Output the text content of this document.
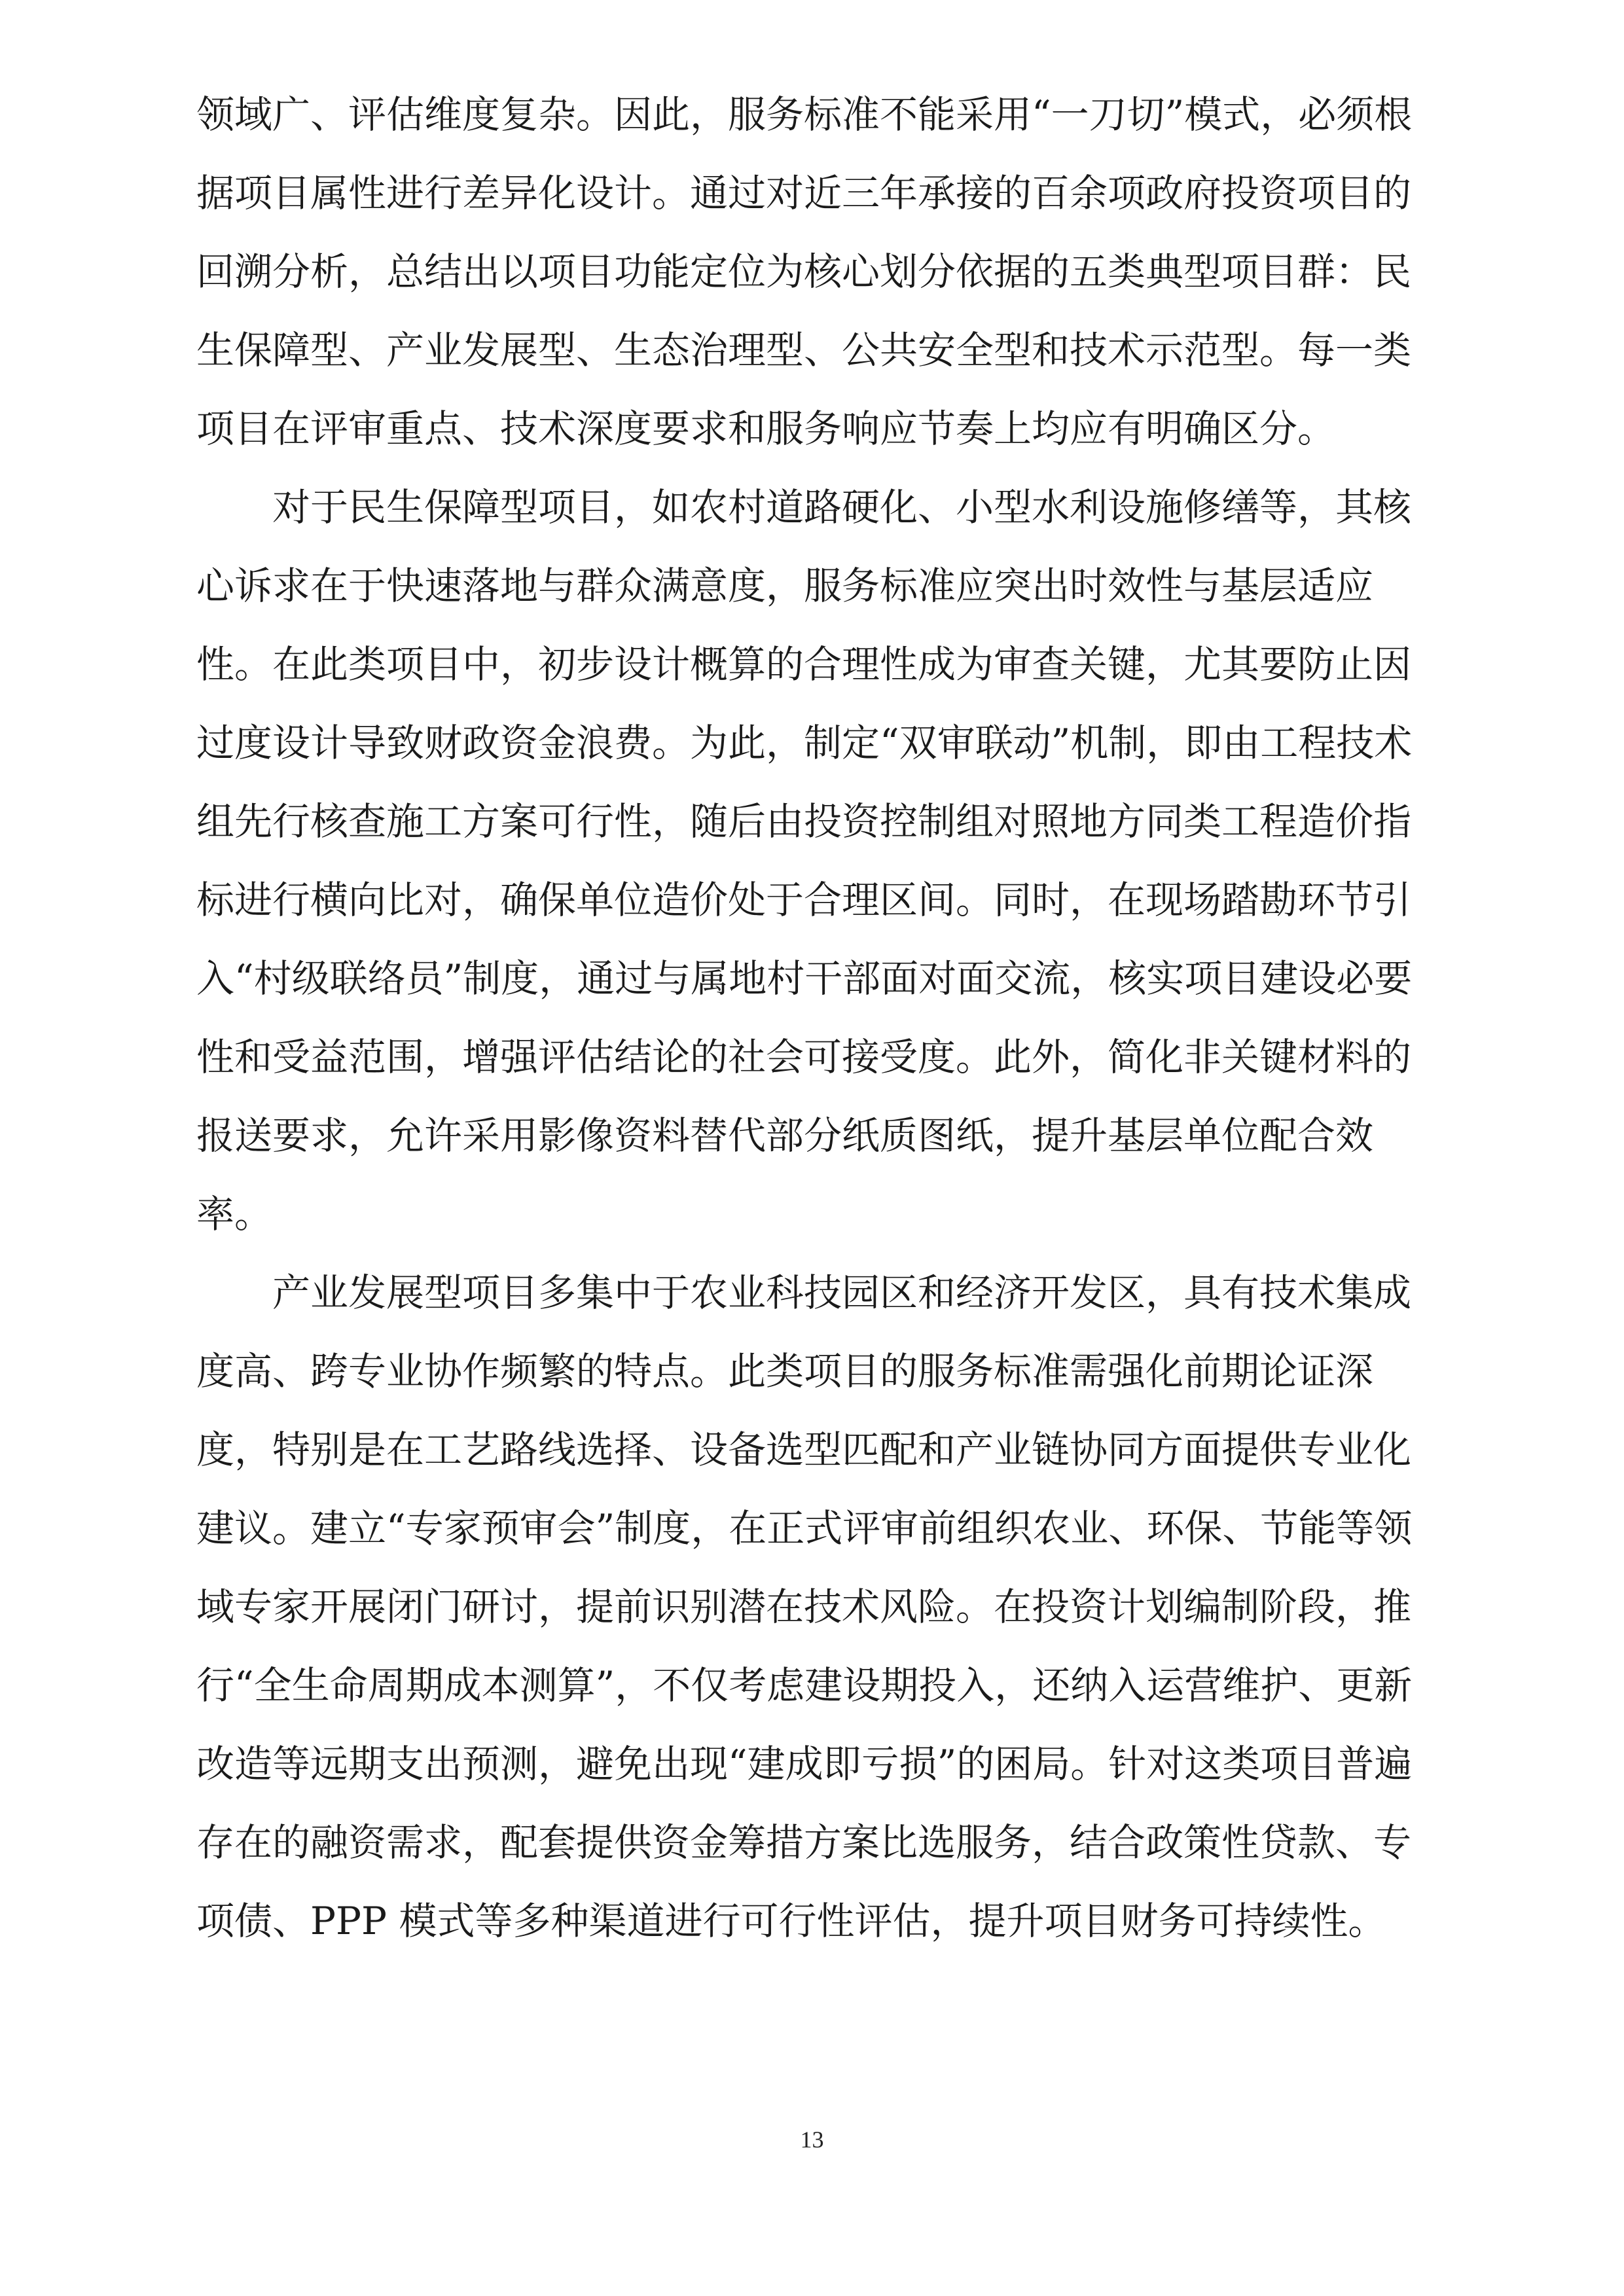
领域广、评估维度复杂。因此，服务标准不能采用“一刀切”模式，必须根
据项目属性进行差异化设计。通过对近三年承接的百余项政府投资项目的
回溯分析，总结出以项目功能定位为核心划分依据的五类典型项目群：民
生保障型、产业发展型、生态治理型、公共安全型和技术示范型。每一类
项目在评审重点、技术深度要求和服务响应节奏上均应有明确区分。
对于民生保障型项目，如农村道路硬化、小型水利设施修缮等，其核
心诉求在于快速落地与群众满意度，服务标准应突出时效性与基层适应
性。在此类项目中，初步设计概算的合理性成为审查关键，尤其要防止因
过度设计导致财政资金浪费。为此，制定“双审联动”机制，即由工程技术
组先行核查施工方案可行性，随后由投资控制组对照地方同类工程造价指
标进行横向比对，确保单位造价处于合理区间。同时，在现场踏勘环节引
入“村级联络员”制度，通过与属地村干部面对面交流，核实项目建设必要
性和受益范围，增强评估结论的社会可接受度。此外，简化非关键材料的
报送要求，允许采用影像资料替代部分纸质图纸，提升基层单位配合效
率。
产业发展型项目多集中于农业科技园区和经济开发区，具有技术集成
度高、跨专业协作频繁的特点。此类项目的服务标准需强化前期论证深
度，特别是在工艺路线选择、设备选型匹配和产业链协同方面提供专业化
建议。建立“专家预审会”制度，在正式评审前组织农业、环保、节能等领
域专家开展闭门研讨，提前识别潜在技术风险。在投资计划编制阶段，推
行“全生命周期成本测算”，不仅考虑建设期投入，还纳入运营维护、更新
改造等远期支出预测，避免出现“建成即亏损”的困局。针对这类项目普遍
存在的融资需求，配套提供资金筹措方案比选服务，结合政策性贷款、专
项债、PPP 模式等多种渠道进行可行性评估，提升项目财务可持续性。
13
